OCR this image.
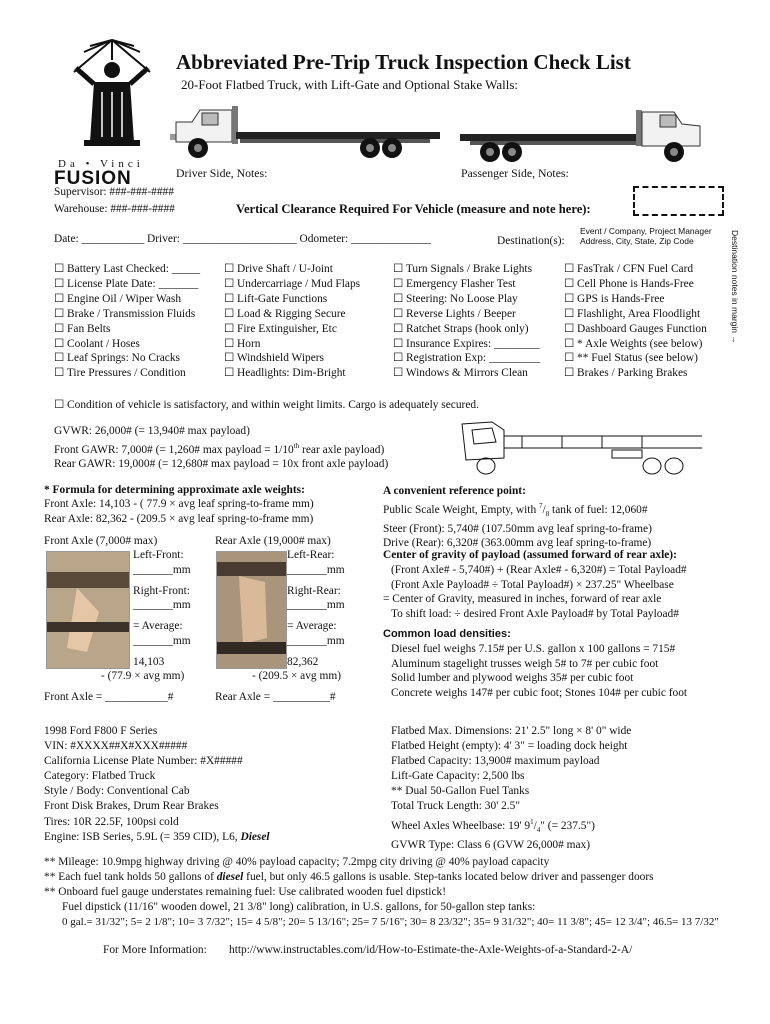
Da • Vinci
FUSION
Abbreviated Pre-Trip Truck Inspection Check List
20-Foot Flatbed Truck, with Lift-Gate and Optional Stake Walls:
Driver Side, Notes:	Passenger Side, Notes:
Supervisor: ###-###-####
Warehouse: ###-###-####	Vertical Clearance Required For Vehicle (measure and note here):
Date: ___________ Driver: ____________________ Odometer: ______________	Destination(s):
Event / Company, Project Manager
Address, City, State, Zip Code	Destination notes in margin →
☐ Battery Last Checked: _____
☐ License Plate Date: _______
☐ Engine Oil / Wiper Wash
☐ Brake / Transmission Fluids
☐ Fan Belts
☐ Coolant / Hoses
☐ Leaf Springs: No Cracks
☐ Tire Pressures / Condition
☐ Drive Shaft / U-Joint
☐ Undercarriage / Mud Flaps
☐ Lift-Gate Functions
☐ Load & Rigging Secure
☐ Fire Extinguisher, Etc
☐ Horn
☐ Windshield Wipers
☐ Headlights: Dim-Bright
☐ Turn Signals / Brake Lights
☐ Emergency Flasher Test
☐ Steering: No Loose Play
☐ Reverse Lights / Beeper
☐ Ratchet Straps (hook only)
☐ Insurance Expires: ________
☐ Registration Exp: _________
☐ Windows & Mirrors Clean
☐ FasTrak / CFN Fuel Card
☐ Cell Phone is Hands-Free
☐ GPS is Hands-Free
☐ Flashlight, Area Floodlight
☐ Dashboard Gauges Function
☐ * Axle Weights (see below)
☐ ** Fuel Status (see below)
☐ Brakes / Parking Brakes
☐ Condition of vehicle is satisfactory, and within weight limits. Cargo is adequately secured.
GVWR: 26,000# (= 13,940# max payload)
Front GAWR: 7,000# (= 1,260# max payload = 1/10th rear axle payload)
Rear GAWR: 19,000# (= 12,680# max payload = 10x front axle payload)
* Formula for determining approximate axle weights:
Front Axle: 14,103 - ( 77.9 × avg leaf spring-to-frame mm)
Rear Axle: 82,362 - (209.5 × avg leaf spring-to-frame mm)
Front Axle (7,000# max)	Rear Axle (19,000# max)
Left-Front:
_______mm
Right-Front:
_______mm
= Average:
_______mm
Left-Rear:
_______mm
Right-Rear:
_______mm
= Average:
_______mm
14,103
- (77.9 × avg mm)
82,362
- (209.5 × avg mm)
Front Axle = ___________#	Rear Axle = __________#
A convenient reference point:
Public Scale Weight, Empty, with $^7/_8$ tank of fuel: 12,060#
Steer (Front): 5,740# (107.50mm avg leaf spring-to-frame)
Drive (Rear): 6,320# (363.00mm avg leaf spring-to-frame)
Center of gravity of payload (assumed forward of rear axle):
(Front Axle# - 5,740#) + (Rear Axle# - 6,320#) = Total Payload#
(Front Axle Payload# ÷ Total Payload#) × 237.25" Wheelbase
= Center of Gravity, measured in inches, forward of rear axle
To shift load: ÷ desired Front Axle Payload# by Total Payload#
Common load densities:
Diesel fuel weighs 7.15# per U.S. gallon x 100 gallons = 715#
Aluminum stagelight trusses weigh 5# to 7# per cubic foot
Solid lumber and plywood weighs 35# per cubic foot
Concrete weighs 147# per cubic foot; Stones 104# per cubic foot
1998 Ford F800 F Series
VIN: #XXXX##X#XXX#####
California License Plate Number: #X#####
Category: Flatbed Truck
Style / Body: Conventional Cab
Front Disk Brakes, Drum Rear Brakes
Tires: 10R 22.5F, 100psi cold
Engine: ISB Series, 5.9L (= 359 CID), L6, Diesel
Flatbed Max. Dimensions: 21' 2.5" long × 8' 0" wide
Flatbed Height (empty): 4' 3" = loading dock height
Flatbed Capacity: 13,900# maximum payload
Lift-Gate Capacity: 2,500 lbs
** Dual 50-Gallon Fuel Tanks
Total Truck Length: 30' 2.5"
Wheel Axles Wheelbase: 19' $9^1/_4$" (= 237.5")
GVWR Type: Class 6 (GVW 26,000# max)
** Mileage: 10.9mpg highway driving @ 40% payload capacity; 7.2mpg city driving @ 40% payload capacity
** Each fuel tank holds 50 gallons of diesel fuel, but only 46.5 gallons is usable. Step-tanks located below driver and passenger doors
** Onboard fuel gauge understates remaining fuel: Use calibrated wooden fuel dipstick!
Fuel dipstick (11/16" wooden dowel, 21 3/8" long) calibration, in U.S. gallons, for 50-gallon step tanks:
0 gal.= 31/32"; 5= 2 1/8"; 10= 3 7/32"; 15= 4 5/8"; 20= 5 13/16"; 25= 7 5/16"; 30= 8 23/32"; 35= 9 31/32"; 40= 11 3/8"; 45= 12 3/4"; 46.5= 13 7/32"
For More Information: http://www.instructables.com/id/How-to-Estimate-the-Axle-Weights-of-a-Standard-2-A/
